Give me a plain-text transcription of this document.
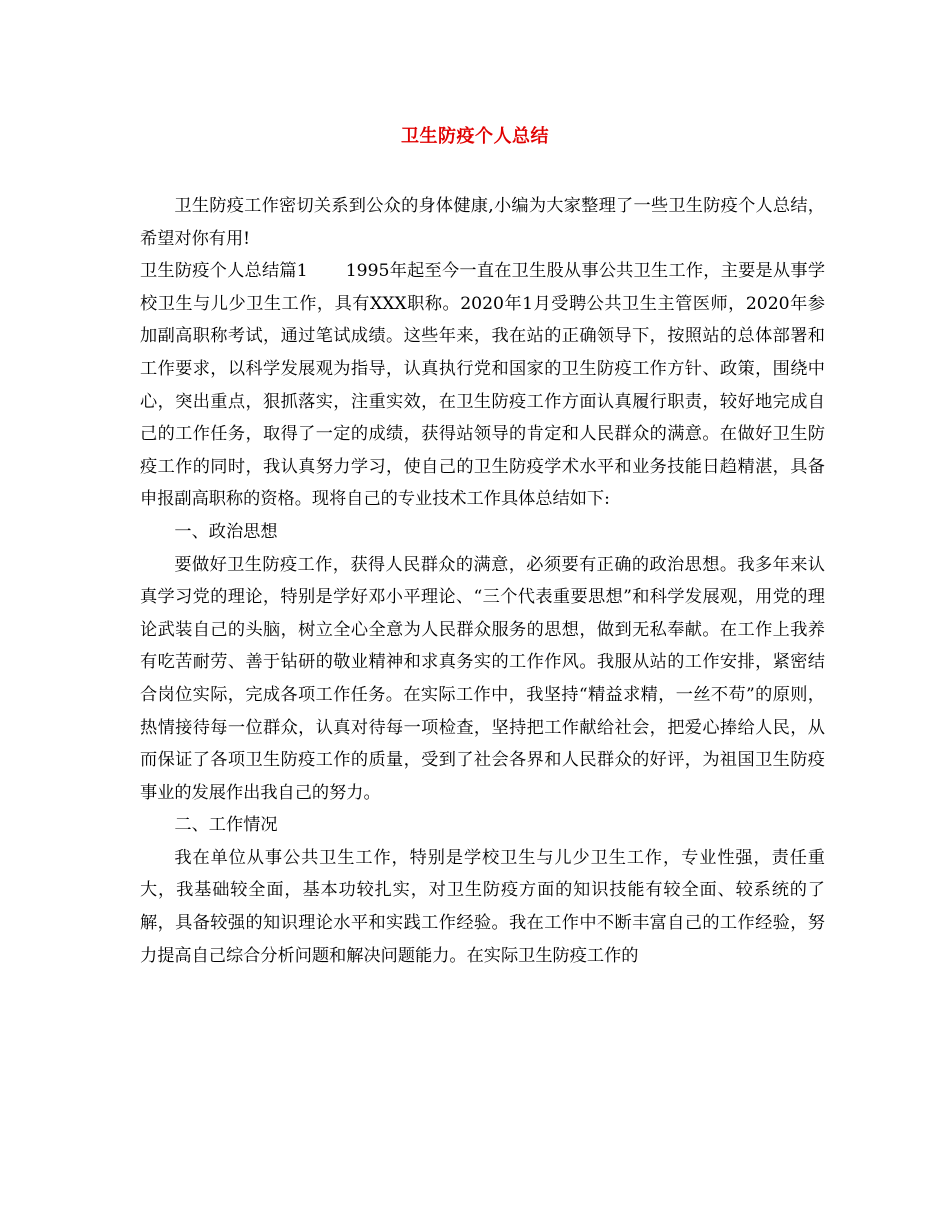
卫生防疫个人总结

卫生防疫工作密切关系到公众的身体健康,小编为大家整理了一些卫生防疫个人总结，希望对你有用!

卫生防疫个人总结篇1 1995年起至今一直在卫生股从事公共卫生工作，主要是从事学校卫生与儿少卫生工作，具有XXX职称。2020年1月受聘公共卫生主管医师，2020年参加副高职称考试，通过笔试成绩。这些年来，我在站的正确领导下，按照站的总体部署和工作要求，以科学发展观为指导，认真执行党和国家的卫生防疫工作方针、政策，围绕中心，突出重点，狠抓落实，注重实效，在卫生防疫工作方面认真履行职责，较好地完成自己的工作任务，取得了一定的成绩，获得站领导的肯定和人民群众的满意。在做好卫生防疫工作的同时，我认真努力学习，使自己的卫生防疫学术水平和业务技能日趋精湛，具备申报副高职称的资格。现将自己的专业技术工作具体总结如下:

一、政治思想

要做好卫生防疫工作，获得人民群众的满意，必须要有正确的政治思想。我多年来认真学习党的理论，特别是学好邓小平理论、“三个代表重要思想”和科学发展观，用党的理论武装自己的头脑，树立全心全意为人民群众服务的思想，做到无私奉献。在工作上我养有吃苦耐劳、善于钻研的敬业精神和求真务实的工作作风。我服从站的工作安排，紧密结合岗位实际，完成各项工作任务。在实际工作中，我坚持“精益求精，一丝不苟”的原则，热情接待每一位群众，认真对待每一项检查，坚持把工作献给社会，把爱心捧给人民，从而保证了各项卫生防疫工作的质量，受到了社会各界和人民群众的好评，为祖国卫生防疫事业的发展作出我自己的努力。

二、工作情况

我在单位从事公共卫生工作，特别是学校卫生与儿少卫生工作，专业性强，责任重大，我基础较全面，基本功较扎实，对卫生防疫方面的知识技能有较全面、较系统的了解，具备较强的知识理论水平和实践工作经验。我在工作中不断丰富自己的工作经验，努力提高自己综合分析问题和解决问题能力。在实际卫生防疫工作的
